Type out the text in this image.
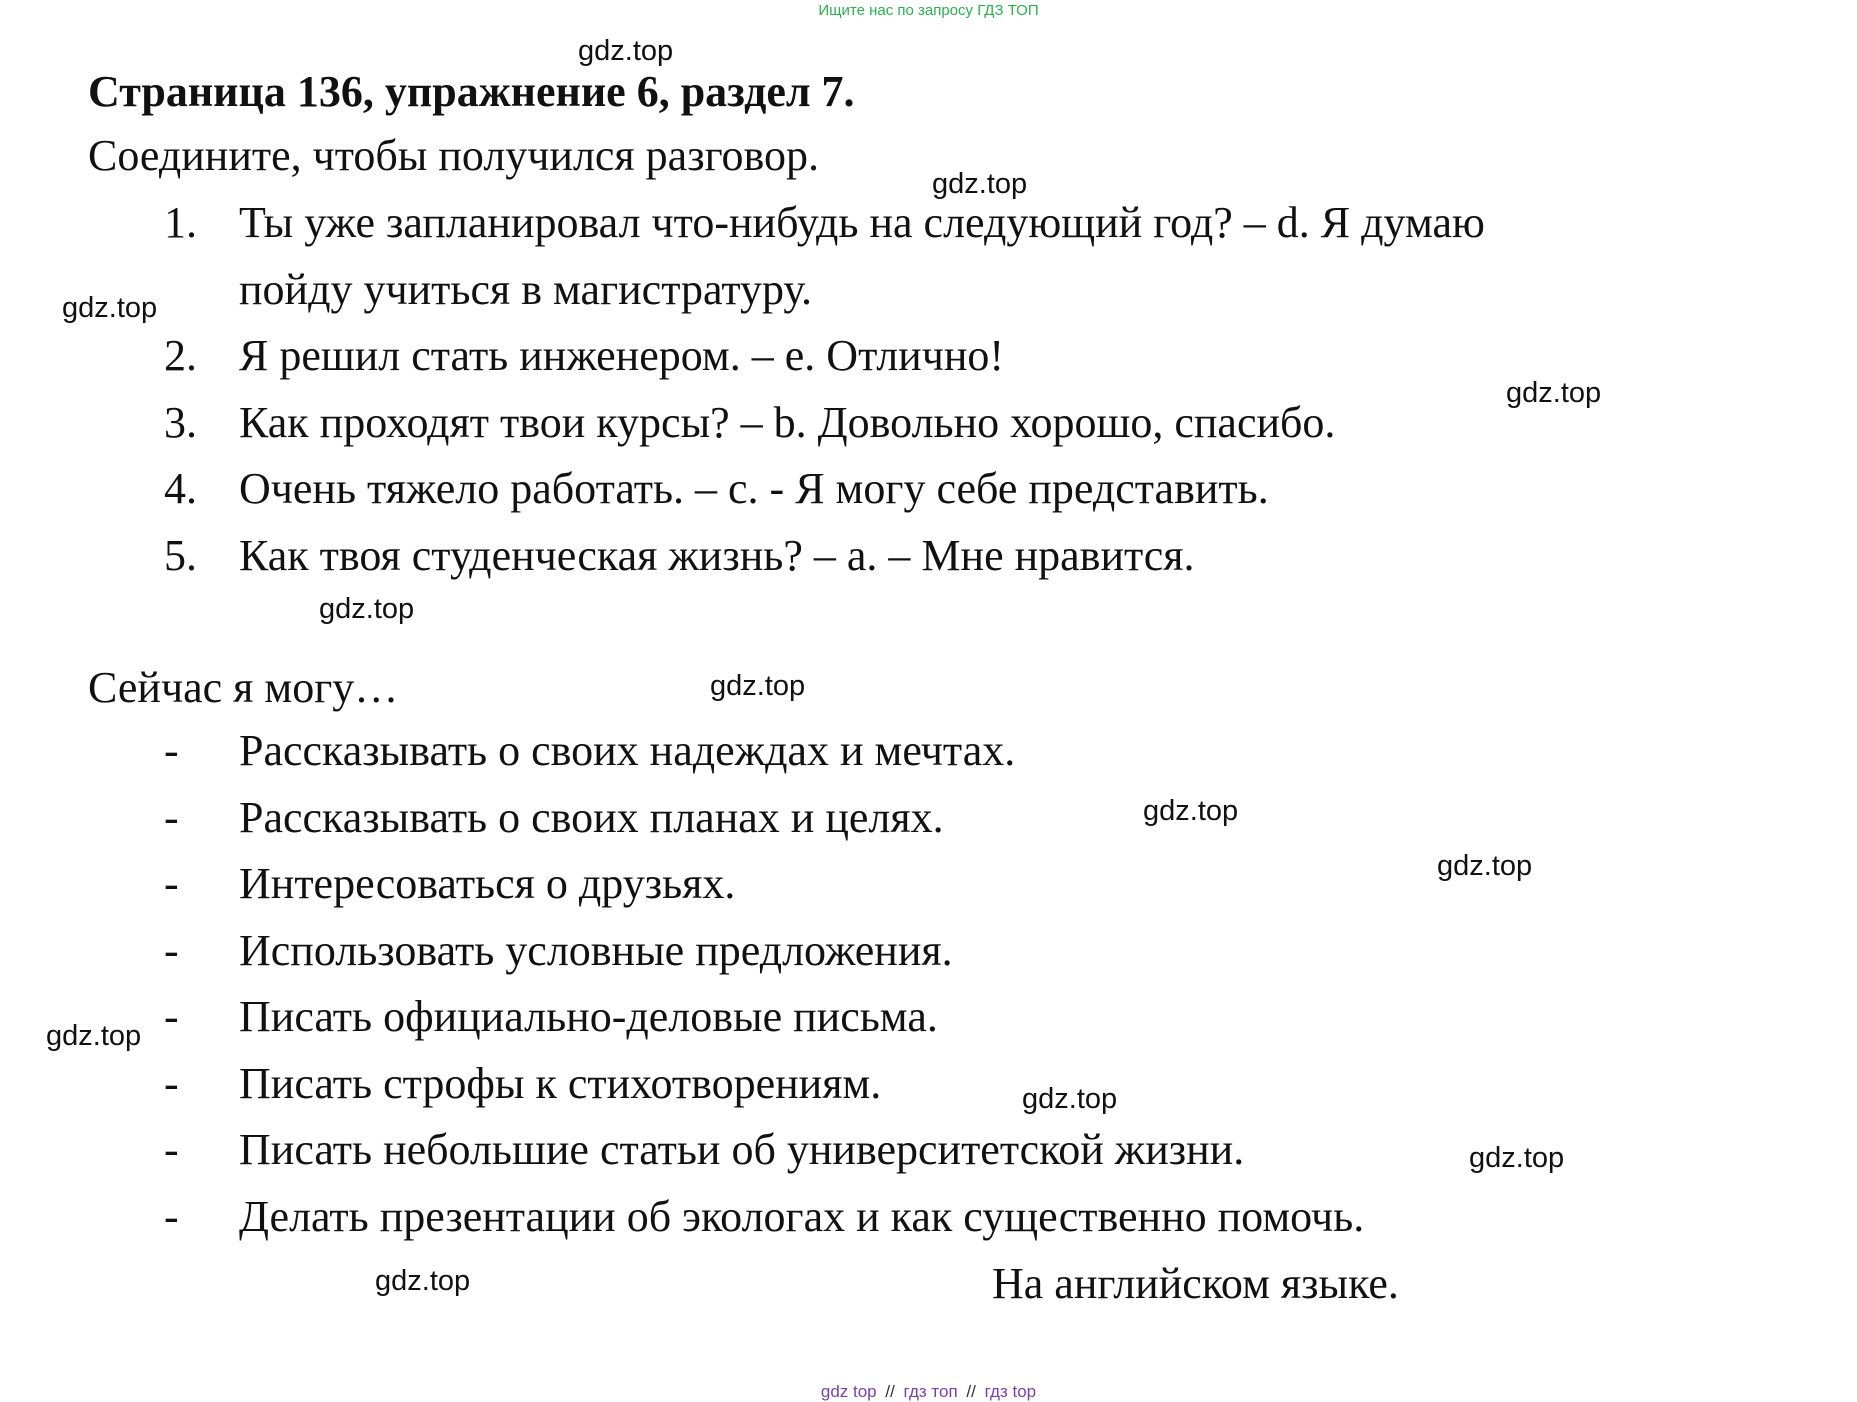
Ищите нас по запросу ГДЗ ТОП
Страница 136, упражнение 6, раздел 7.
Соедините, чтобы получился разговор.
1. Ты уже запланировал что-нибудь на следующий год? – d. Я думаю пойду учиться в магистратуру.
2. Я решил стать инженером. – e. Отлично!
3. Как проходят твои курсы? – b. Довольно хорошо, спасибо.
4. Очень тяжело работать. – c. - Я могу себе представить.
5. Как твоя студенческая жизнь? – a. – Мне нравится.
Сейчас я могу…
- Рассказывать о своих надеждах и мечтах.
- Рассказывать о своих планах и целях.
- Интересоваться о друзьях.
- Использовать условные предложения.
- Писать официально-деловые письма.
- Писать строфы к стихотворениям.
- Писать небольшие статьи об университетской жизни.
- Делать презентации об экологах и как существенно помочь.
На английском языке.
gdz.top
gdz.top
gdz.top
gdz.top
gdz.top
gdz.top
gdz.top
gdz.top
gdz.top
gdz.top
gdz.top
gdz.top
gdz top // гдз топ // гдз top
